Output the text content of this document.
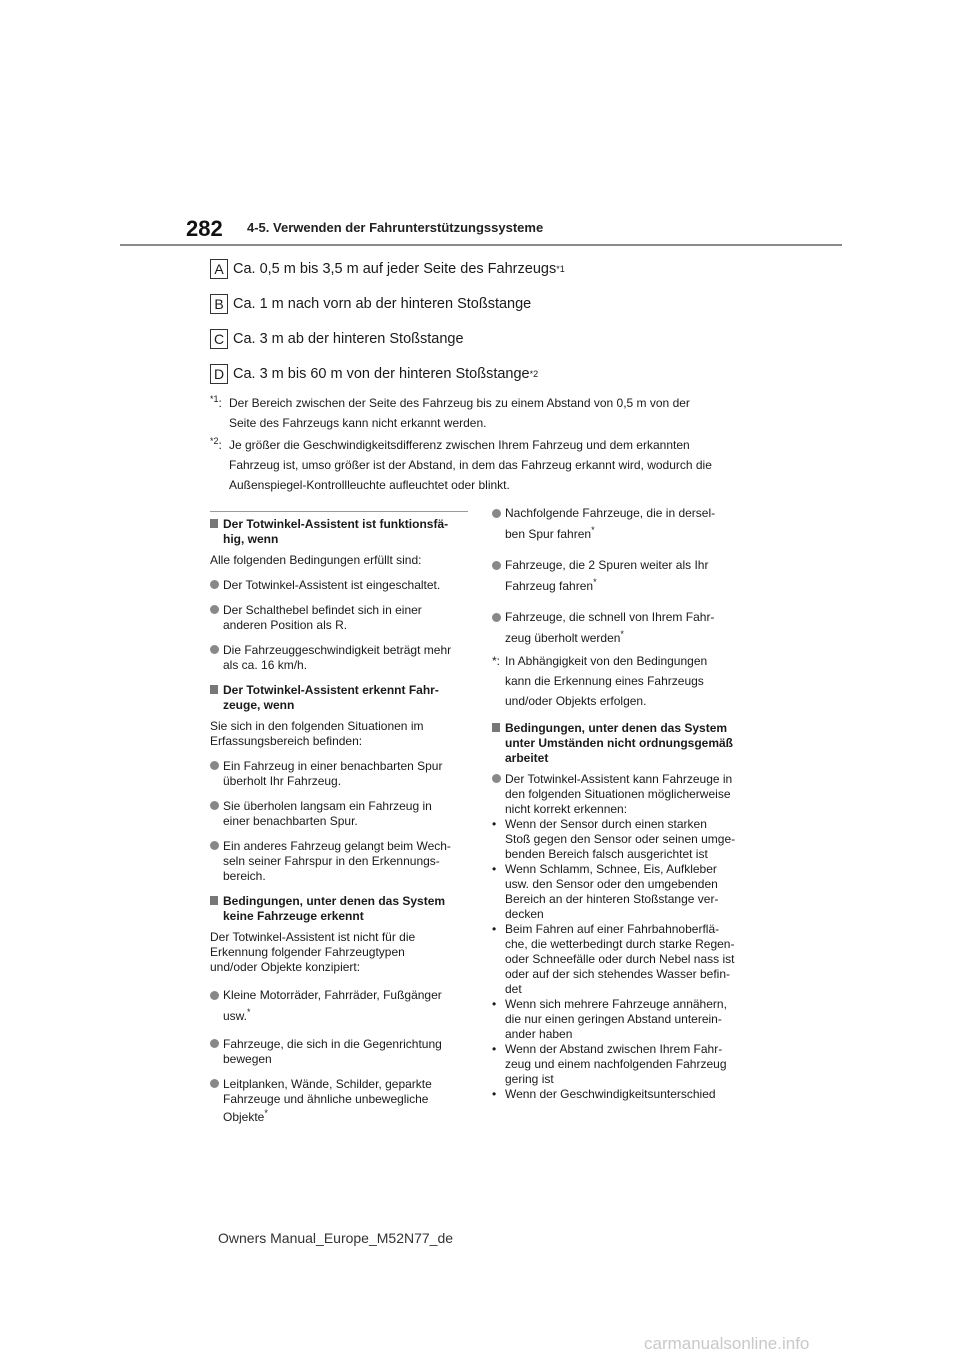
282 4-5. Verwenden der Fahrunterstützungssysteme
A Ca. 0,5 m bis 3,5 m auf jeder Seite des Fahrzeugs *1
B Ca. 1 m nach vorn ab der hinteren Stoßstange
C Ca. 3 m ab der hinteren Stoßstange
D Ca. 3 m bis 60 m von der hinteren Stoßstange *2
$^{*1}$: Der Bereich zwischen der Seite des Fahrzeug bis zu einem Abstand von 0,5 m von der
Seite des Fahrzeugs kann nicht erkannt werden.
$^{*2}$: Je größer die Geschwindigkeitsdifferenz zwischen Ihrem Fahrzeug und dem erkannten
Fahrzeug ist, umso größer ist der Abstand, in dem das Fahrzeug erkannt wird, wodurch die
Außenspiegel-Kontrollleuchte aufleuchtet oder blinkt.
Der Totwinkel-Assistent ist funktionsfä-
hig, wenn
Alle folgenden Bedingungen erfüllt sind:
Der Totwinkel-Assistent ist eingeschaltet.
Der Schalthebel befindet sich in einer
anderen Position als R.
Die Fahrzeuggeschwindigkeit beträgt mehr
als ca. 16 km/h.
Der Totwinkel-Assistent erkennt Fahr-
zeuge, wenn
Sie sich in den folgenden Situationen im
Erfassungsbereich befinden:
Ein Fahrzeug in einer benachbarten Spur
überholt Ihr Fahrzeug.
Sie überholen langsam ein Fahrzeug in
einer benachbarten Spur.
Ein anderes Fahrzeug gelangt beim Wech-
seln seiner Fahrspur in den Erkennungs-
bereich.
Bedingungen, unter denen das System
keine Fahrzeuge erkennt
Der Totwinkel-Assistent ist nicht für die
Erkennung folgender Fahrzeugtypen
und/oder Objekte konzipiert:
Kleine Motorräder, Fahrräder, Fußgänger
usw.*
Fahrzeuge, die sich in die Gegenrichtung
bewegen
Leitplanken, Wände, Schilder, geparkte
Fahrzeuge und ähnliche unbewegliche
Objekte*
Nachfolgende Fahrzeuge, die in dersel-
ben Spur fahren*
Fahrzeuge, die 2 Spuren weiter als Ihr
Fahrzeug fahren*
Fahrzeuge, die schnell von Ihrem Fahr-
zeug überholt werden*
*: In Abhängigkeit von den Bedingungen
kann die Erkennung eines Fahrzeugs
und/oder Objekts erfolgen.
Bedingungen, unter denen das System
unter Umständen nicht ordnungsgemäß
arbeitet
Der Totwinkel-Assistent kann Fahrzeuge in
den folgenden Situationen möglicherweise
nicht korrekt erkennen:
• Wenn der Sensor durch einen starken
Stoß gegen den Sensor oder seinen umge-
benden Bereich falsch ausgerichtet ist
• Wenn Schlamm, Schnee, Eis, Aufkleber
usw. den Sensor oder den umgebenden
Bereich an der hinteren Stoßstange ver-
decken
• Beim Fahren auf einer Fahrbahnoberflä-
che, die wetterbedingt durch starke Regen-
oder Schneefälle oder durch Nebel nass ist
oder auf der sich stehendes Wasser befin-
det
• Wenn sich mehrere Fahrzeuge annähern,
die nur einen geringen Abstand unterein-
ander haben
• Wenn der Abstand zwischen Ihrem Fahr-
zeug und einem nachfolgenden Fahrzeug
gering ist
• Wenn der Geschwindigkeitsunterschied
Owners Manual_Europe_M52N77_de
carmanualsonline.info
